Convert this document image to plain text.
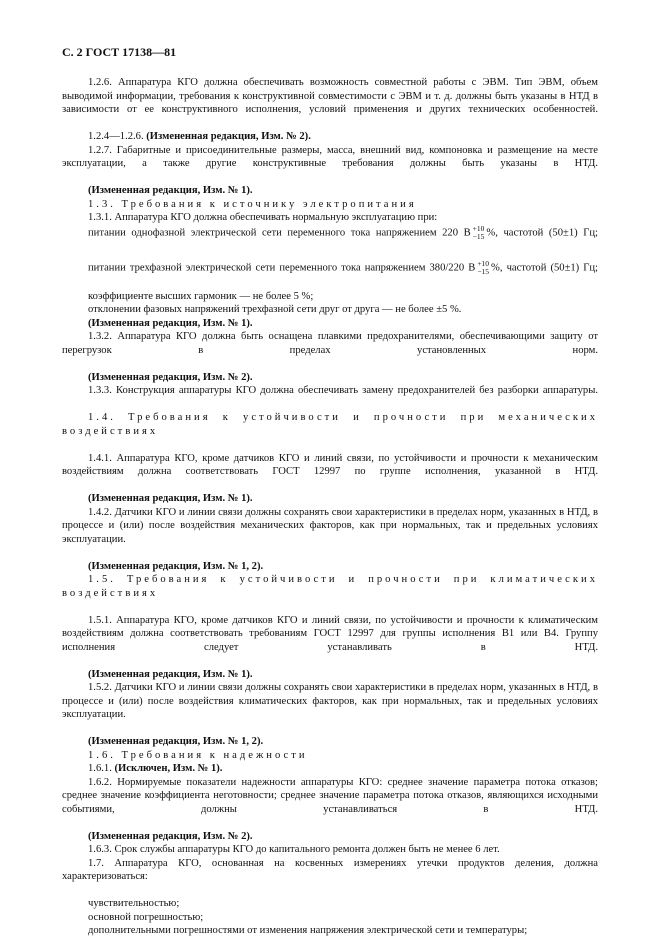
С. 2 ГОСТ 17138—81

1.2.6. Аппаратура КГО должна обеспечивать возможность совместной работы с ЭВМ. Тип ЭВМ, объем выводимой информации, требования к конструктивной совместимости с ЭВМ и т. д. должны быть указаны в НТД в зависимости от ее конструктивного исполнения, условий применения и других технических особенностей.

1.2.4—1.2.6. (Измененная редакция, Изм. № 2).

1.2.7. Габаритные и присоединительные размеры, масса, внешний вид, компоновка и размещение на месте эксплуатации, а также другие конструктивные требования должны быть указаны в НТД.

(Измененная редакция, Изм. № 1).

1.3. Требования к источнику электропитания

1.3.1. Аппаратура КГО должна обеспечивать нормальную эксплуатацию при:

питании однофазной электрической сети переменного тока напряжением 220 В +10
−15 %, частотой (50±1) Гц;

питании трехфазной электрической сети переменного тока напряжением 380/220 В +10
−15 %, частотой (50±1) Гц;

коэффициенте высших гармоник — не более 5 %;

отклонении фазовых напряжений трехфазной сети друг от друга — не более ±5 %.

(Измененная редакция, Изм. № 1).

1.3.2. Аппаратура КГО должна быть оснащена плавкими предохранителями, обеспечивающими защиту от перегрузок в пределах установленных норм.

(Измененная редакция, Изм. № 2).

1.3.3. Конструкция аппаратуры КГО должна обеспечивать замену предохранителей без разборки аппаратуры.

1.4. Требования к устойчивости и прочности при механических воздействиях

1.4.1. Аппаратура КГО, кроме датчиков КГО и линий связи, по устойчивости и прочности к механическим воздействиям должна соответствовать ГОСТ 12997 по группе исполнения, указанной в НТД.

(Измененная редакция, Изм. № 1).

1.4.2. Датчики КГО и линии связи должны сохранять свои характеристики в пределах норм, указанных в НТД, в процессе и (или) после воздействия механических факторов, как при нормальных, так и предельных условиях эксплуатации.

(Измененная редакция, Изм. № 1, 2).

1.5. Требования к устойчивости и прочности при климатических воздействиях

1.5.1. Аппаратура КГО, кроме датчиков КГО и линий связи, по устойчивости и прочности к климатическим воздействиям должна соответствовать требованиям ГОСТ 12997 для группы исполнения В1 или В4. Группу исполнения следует устанавливать в НТД.

(Измененная редакция, Изм. № 1).

1.5.2. Датчики КГО и линии связи должны сохранять свои характеристики в пределах норм, указанных в НТД, в процессе и (или) после воздействия климатических факторов, как при нормальных, так и предельных условиях эксплуатации.

(Измененная редакция, Изм. № 1, 2).

1.6. Требования к надежности

1.6.1. (Исключен, Изм. № 1).

1.6.2. Нормируемые показатели надежности аппаратуры КГО: среднее значение параметра потока отказов; среднее значение коэффициента неготовности; среднее значение параметра потока отказов, являющихся исходными событиями, должны устанавливаться в НТД.

(Измененная редакция, Изм. № 2).

1.6.3. Срок службы аппаратуры КГО до капитального ремонта должен быть не менее 6 лет.

1.7. Аппаратура КГО, основанная на косвенных измерениях утечки продуктов деления, должна характеризоваться:

чувствительностью;

основной погрешностью;

дополнительными погрешностями от изменения напряжения электрической сети и температуры;
